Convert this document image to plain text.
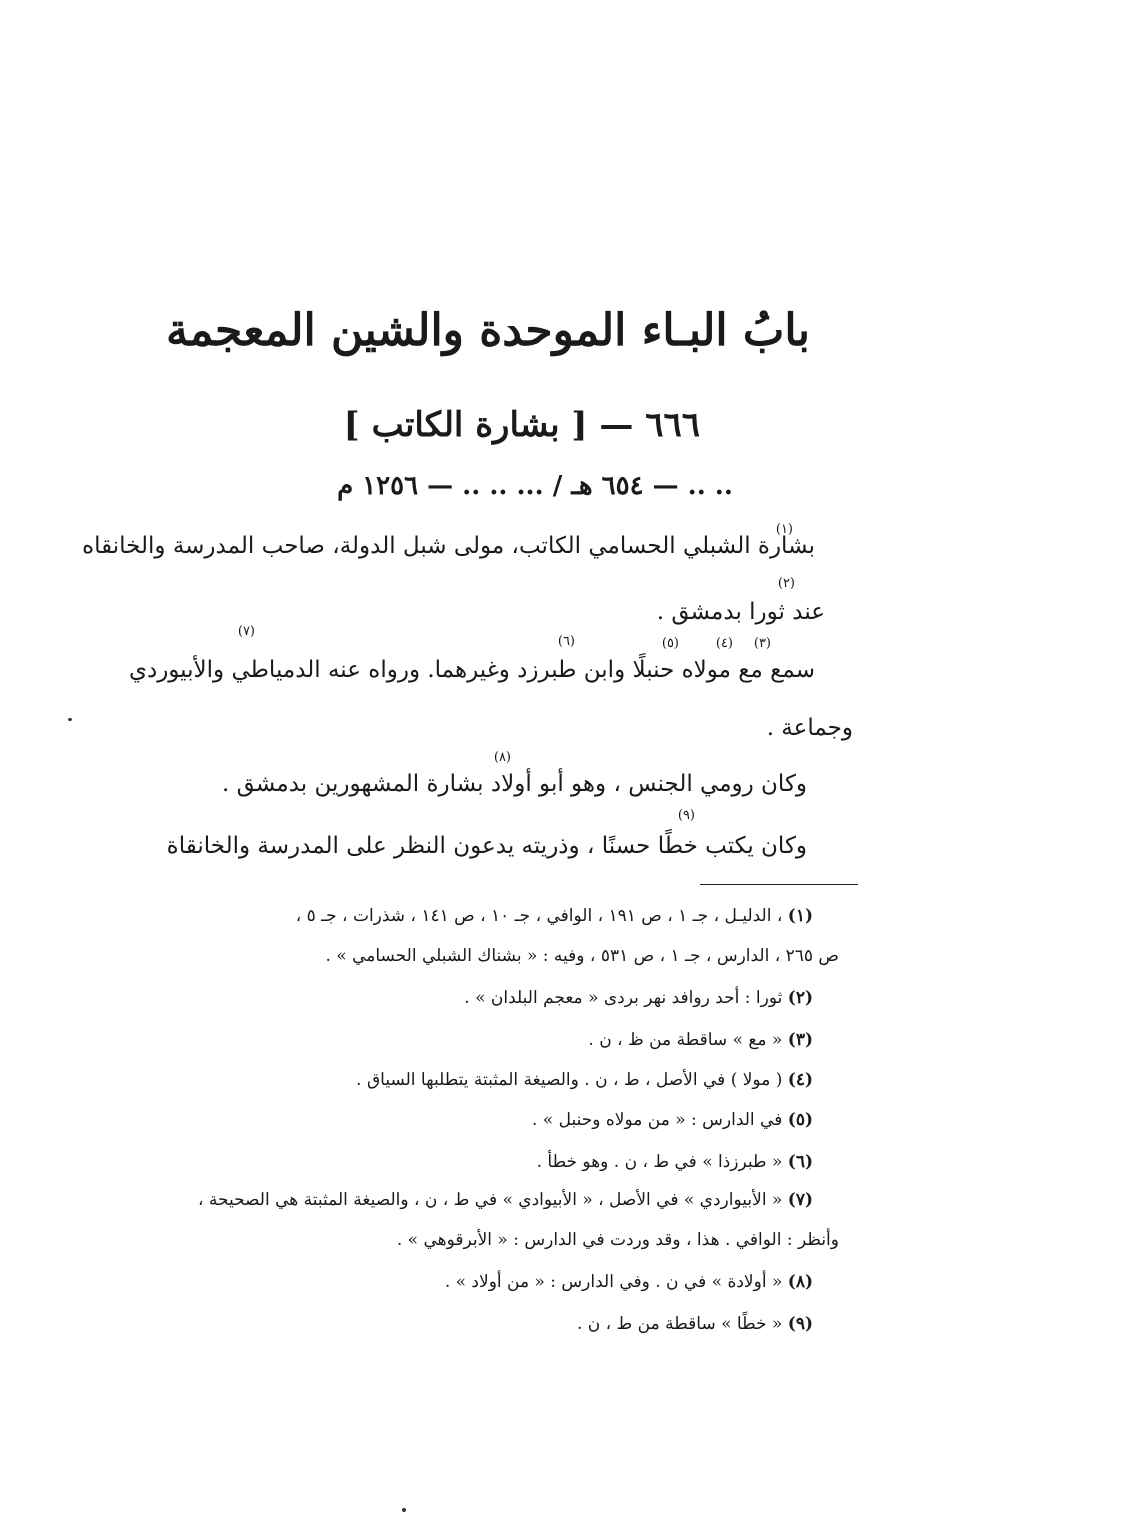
بابُ البـاء الموحدة والشين المعجمة
٦٦٦ — [ بشارة الكاتب ]
.. .. — ٦٥٤ هـ / ... .. .. — ١٢٥٦ م
بشارة الشبلي الحسامي الكاتب، مولى شبل الدولة، صاحب المدرسة والخانقاه
(١)
عند ثورا بدمشق .
(٢)
(٣)
(٤)
(٥)
(٦)
(٧)
سمع مع مولاه حنبلًا وابن طبرزد وغيرهما. ورواه عنه الدمياطي والأبيوردي
وجماعة .
(٨)
وكان رومي الجنس ، وهو أبو أولاد بشارة المشهورين بدمشق .
(٩)
وكان يكتب خطًا حسنًا ، وذريته يدعون النظر على المدرسة والخانقاة
(١) ، الدليـل ، جـ ١ ، ص ١٩١ ، الوافي ، جـ ١٠ ، ص ١٤١ ، شذرات ، جـ ٥ ،
ص ٢٦٥ ، الدارس ، جـ ١ ، ص ٥٣١ ، وفيه : « بشناك الشبلي الحسامي » .
(٢) ثورا : أحد روافد نهر بردى « معجم البلدان » .
(٣) « مع » ساقطة من ظ ، ن .
(٤) ( مولا ) في الأصل ، ط ، ن . والصيغة المثبتة يتطلبها السياق .
(٥) في الدارس : « من مولاه وحنبل » .
(٦) « طبرزذا » في ط ، ن . وهو خطأ .
(٧) « الأبيواردي » في الأصل ، « الأبيوادي » في ط ، ن ، والصيغة المثبتة هي الصحيحة ،
وأنظر : الوافي . هذا ، وقد وردت في الدارس : « الأبرقوهي » .
(٨) « أولادة » في ن . وفي الدارس : « من أولاد » .
(٩) « خطًا » ساقطة من ط ، ن .
